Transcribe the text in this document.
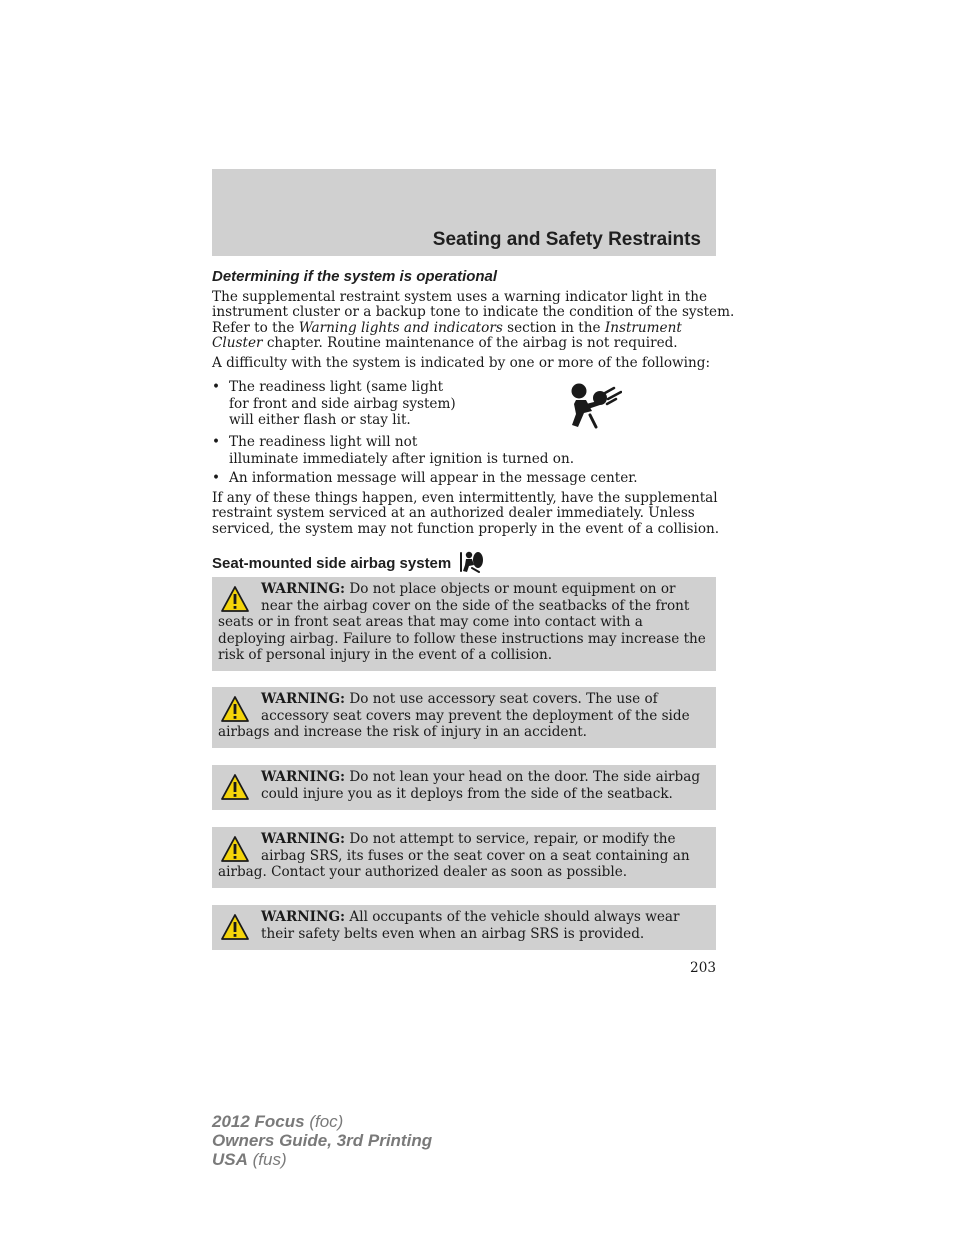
Seating and Safety Restraints
Determining if the system is operational
The supplemental restraint system uses a warning indicator light in the
instrument cluster or a backup tone to indicate the condition of the system.
Refer to the Warning lights and indicators section in the Instrument
Cluster chapter. Routine maintenance of the airbag is not required.
A difficulty with the system is indicated by one or more of the following:
• The readiness light (same light
for front and side airbag system)
will either flash or stay lit.
• The readiness light will not
illuminate immediately after ignition is turned on.
• An information message will appear in the message center.
If any of these things happen, even intermittently, have the supplemental
restraint system serviced at an authorized dealer immediately. Unless
serviced, the system may not function properly in the event of a collision.
Seat-mounted side airbag system
WARNING: Do not place objects or mount equipment on or
near the airbag cover on the side of the seatbacks of the front
seats or in front seat areas that may come into contact with a
deploying airbag. Failure to follow these instructions may increase the
risk of personal injury in the event of a collision.
WARNING: Do not use accessory seat covers. The use of
accessory seat covers may prevent the deployment of the side
airbags and increase the risk of injury in an accident.
WARNING: Do not lean your head on the door. The side airbag
could injure you as it deploys from the side of the seatback.
WARNING: Do not attempt to service, repair, or modify the
airbag SRS, its fuses or the seat cover on a seat containing an
airbag. Contact your authorized dealer as soon as possible.
WARNING: All occupants of the vehicle should always wear
their safety belts even when an airbag SRS is provided.
203
2012 Focus (foc)
Owners Guide, 3rd Printing
USA (fus)
